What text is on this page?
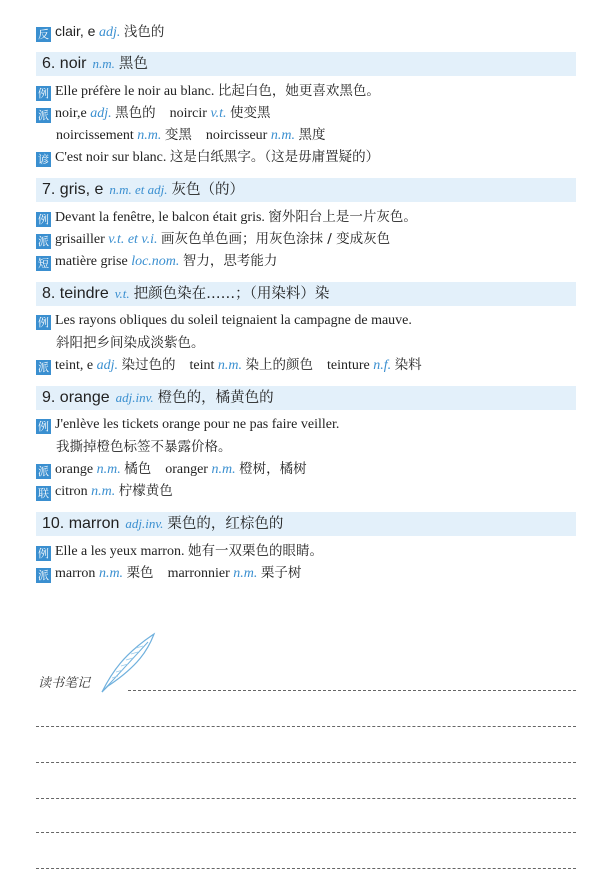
反 clair, e adj. 浅色的
6. noir n.m. 黑色
例 Elle préfère le noir au blanc. 比起白色，她更喜欢黑色。
派 noir,e adj. 黑色的 noircir v.t. 使变黑
noircissement n.m. 变黑 noircisseur n.m. 黑度
谚 C'est noir sur blanc. 这是白纸黑字。（这是毋庸置疑的）
7. gris, e n.m. et adj. 灰色（的）
例 Devant la fenêtre, le balcon était gris. 窗外阳台上是一片灰色。
派 grisailler v.t. et v.i. 画灰色单色画；用灰色涂抹 / 变成灰色
短 matière grise loc.nom. 智力，思考能力
8. teindre v.t. 把颜色染在……；（用染料）染
例 Les rayons obliques du soleil teignaient la campagne de mauve.
斜阳把乡间染成淡紫色。
派 teint, e adj. 染过色的 teint n.m. 染上的颜色 teinture n.f. 染料
9. orange adj.inv. 橙色的，橘黄色的
例 J'enlève les tickets orange pour ne pas faire veiller.
我撕掉橙色标签不暴露价格。
派 orange n.m. 橘色 oranger n.m. 橙树，橘树
联 citron n.m. 柠檬黄色
10. marron adj.inv. 栗色的，红棕色的
例 Elle a les yeux marron. 她有一双栗色的眼睛。
派 marron n.m. 栗色 marronnier n.m. 栗子树
读书笔记
